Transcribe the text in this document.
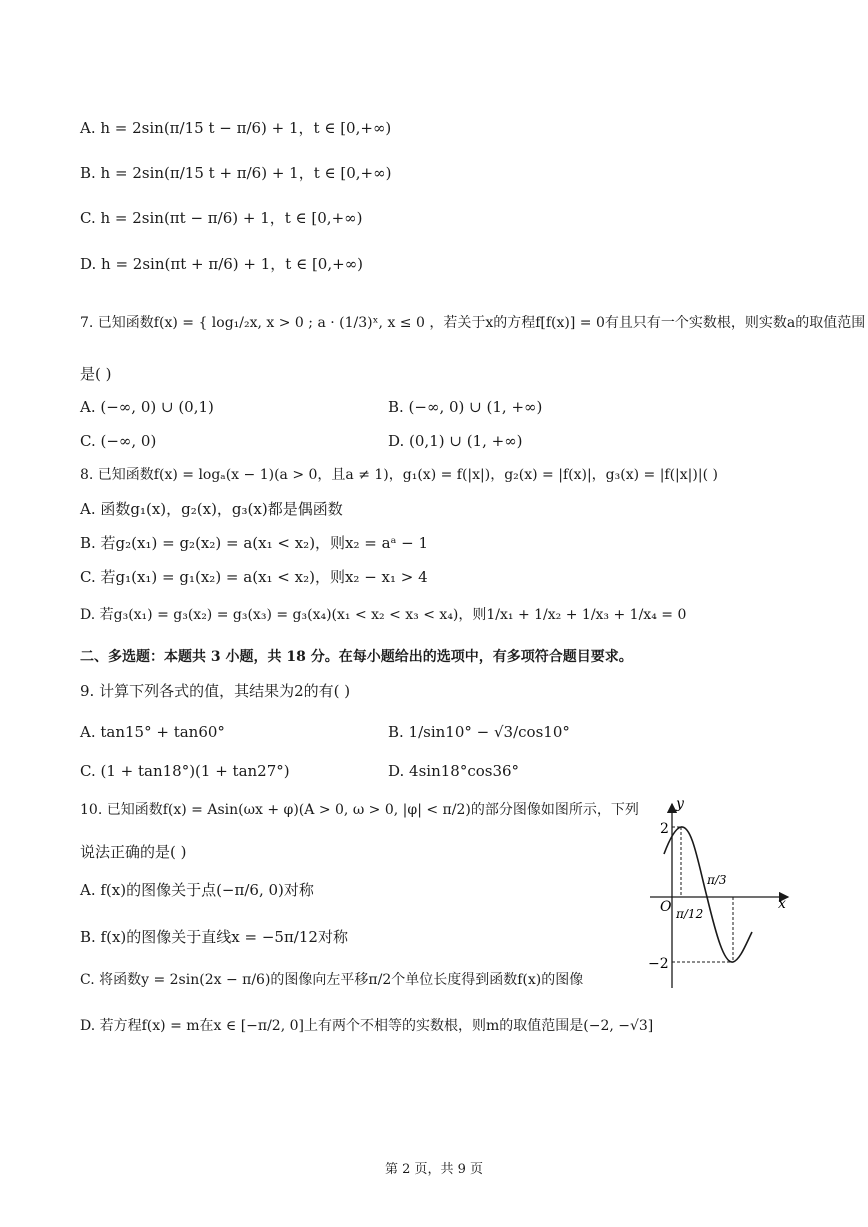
A. h = 2sin(π/15 t − π/6) + 1，t ∈ [0,+∞)
B. h = 2sin(π/15 t + π/6) + 1，t ∈ [0,+∞)
C. h = 2sin(πt − π/6) + 1，t ∈ [0,+∞)
D. h = 2sin(πt + π/6) + 1，t ∈ [0,+∞)
7. 已知函数f(x) = { log₁/₂x, x > 0 ; a · (1/3)ˣ, x ≤ 0 ，若关于x的方程f[f(x)] = 0有且只有一个实数根，则实数a的取值范围
是( )
A. (−∞, 0) ∪ (0,1)	B. (−∞, 0) ∪ (1, +∞)
C. (−∞, 0)	D. (0,1) ∪ (1, +∞)
8. 已知函数f(x) = logₐ(x − 1)(a > 0，且a ≠ 1)，g₁(x) = f(|x|)，g₂(x) = |f(x)|，g₃(x) = |f(|x|)|( )
A. 函数g₁(x)，g₂(x)，g₃(x)都是偶函数
B. 若g₂(x₁) = g₂(x₂) = a(x₁ < x₂)，则x₂ = aᵃ − 1
C. 若g₁(x₁) = g₁(x₂) = a(x₁ < x₂)，则x₂ − x₁ > 4
D. 若g₃(x₁) = g₃(x₂) = g₃(x₃) = g₃(x₄)(x₁ < x₂ < x₃ < x₄)，则1/x₁ + 1/x₂ + 1/x₃ + 1/x₄ = 0
二、多选题：本题共 3 小题，共 18 分。在每小题给出的选项中，有多项符合题目要求。
9. 计算下列各式的值，其结果为2的有( )
A. tan15° + tan60°	B. 1/sin10° − √3/cos10°
C. (1 + tan18°)(1 + tan27°)	D. 4sin18°cos36°
10. 已知函数f(x) = Asin(ωx + φ)(A > 0, ω > 0, |φ| < π/2)的部分图像如图所示，下列
说法正确的是( )
A. f(x)的图像关于点(−π/6, 0)对称
B. f(x)的图像关于直线x = −5π/12对称
C. 将函数y = 2sin(2x − π/6)的图像向左平移π/2个单位长度得到函数f(x)的图像
D. 若方程f(x) = m在x ∈ [−π/2, 0]上有两个不相等的实数根，则m的取值范围是(−2, −√3]
y
x
O
2
−2
π/12
π/3
第 2 页，共 9 页
